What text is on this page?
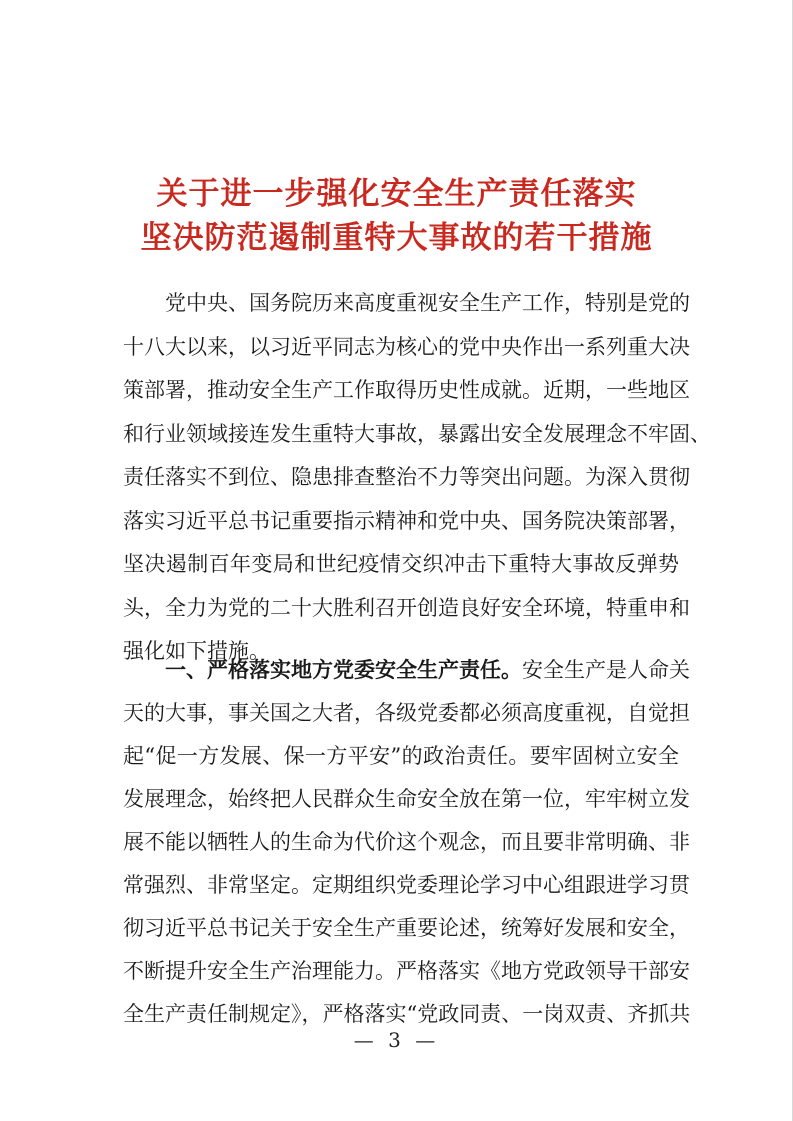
关于进一步强化安全生产责任落实
坚决防范遏制重特大事故的若干措施
党中央、国务院历来高度重视安全生产工作，特别是党的
十八大以来，以习近平同志为核心的党中央作出一系列重大决
策部署，推动安全生产工作取得历史性成就。近期，一些地区
和行业领域接连发生重特大事故，暴露出安全发展理念不牢固、
责任落实不到位、隐患排查整治不力等突出问题。为深入贯彻
落实习近平总书记重要指示精神和党中央、国务院决策部署，
坚决遏制百年变局和世纪疫情交织冲击下重特大事故反弹势
头，全力为党的二十大胜利召开创造良好安全环境，特重申和
强化如下措施。
一、严格落实地方党委安全生产责任。安全生产是人命关
天的大事，事关国之大者，各级党委都必须高度重视，自觉担
起“促一方发展、保一方平安”的政治责任。要牢固树立安全
发展理念，始终把人民群众生命安全放在第一位，牢牢树立发
展不能以牺牲人的生命为代价这个观念，而且要非常明确、非
常强烈、非常坚定。定期组织党委理论学习中心组跟进学习贯
彻习近平总书记关于安全生产重要论述，统筹好发展和安全，
不断提升安全生产治理能力。严格落实《地方党政领导干部安
— 3 —
全生产责任制规定》，严格落实“党政同责、一岗双责、齐抓共
